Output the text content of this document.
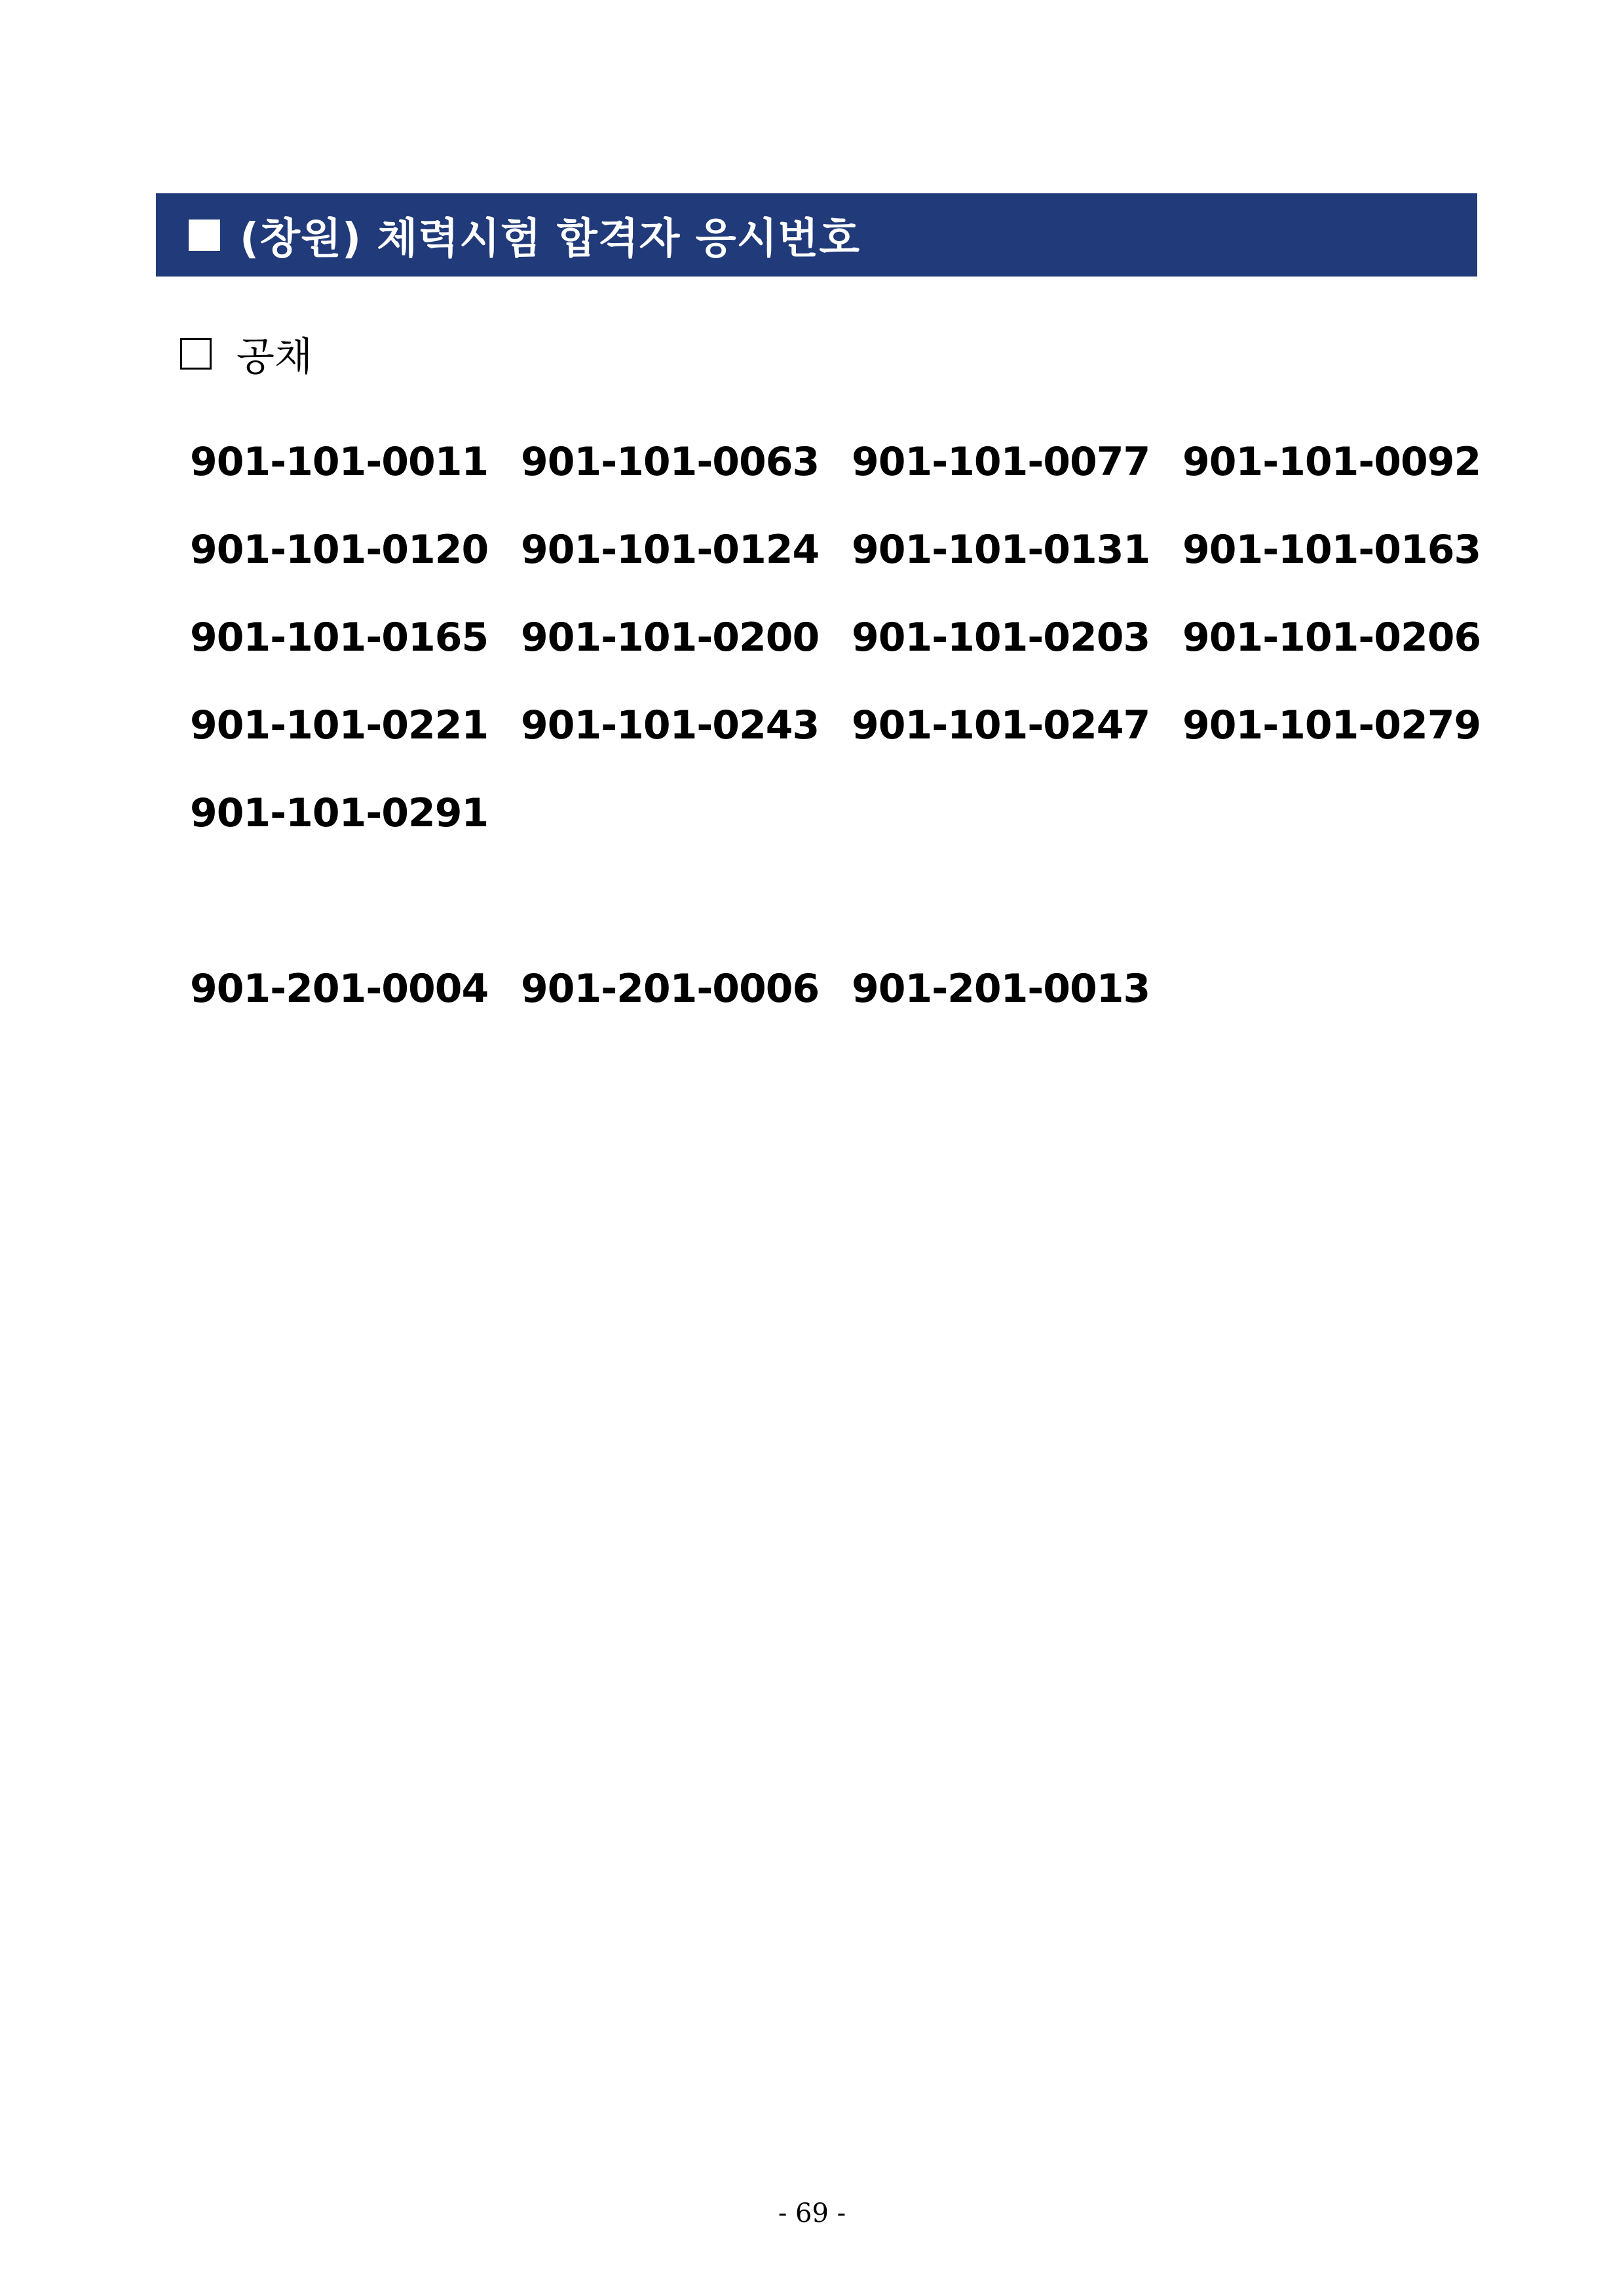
(창원) 체력시험 합격자 응시번호
공채
901-101-0011 901-101-0063 901-101-0077 901-101-0092
901-101-0120 901-101-0124 901-101-0131 901-101-0163
901-101-0165 901-101-0200 901-101-0203 901-101-0206
901-101-0221 901-101-0243 901-101-0247 901-101-0279
901-101-0291
901-201-0004 901-201-0006 901-201-0013
- 69 -
